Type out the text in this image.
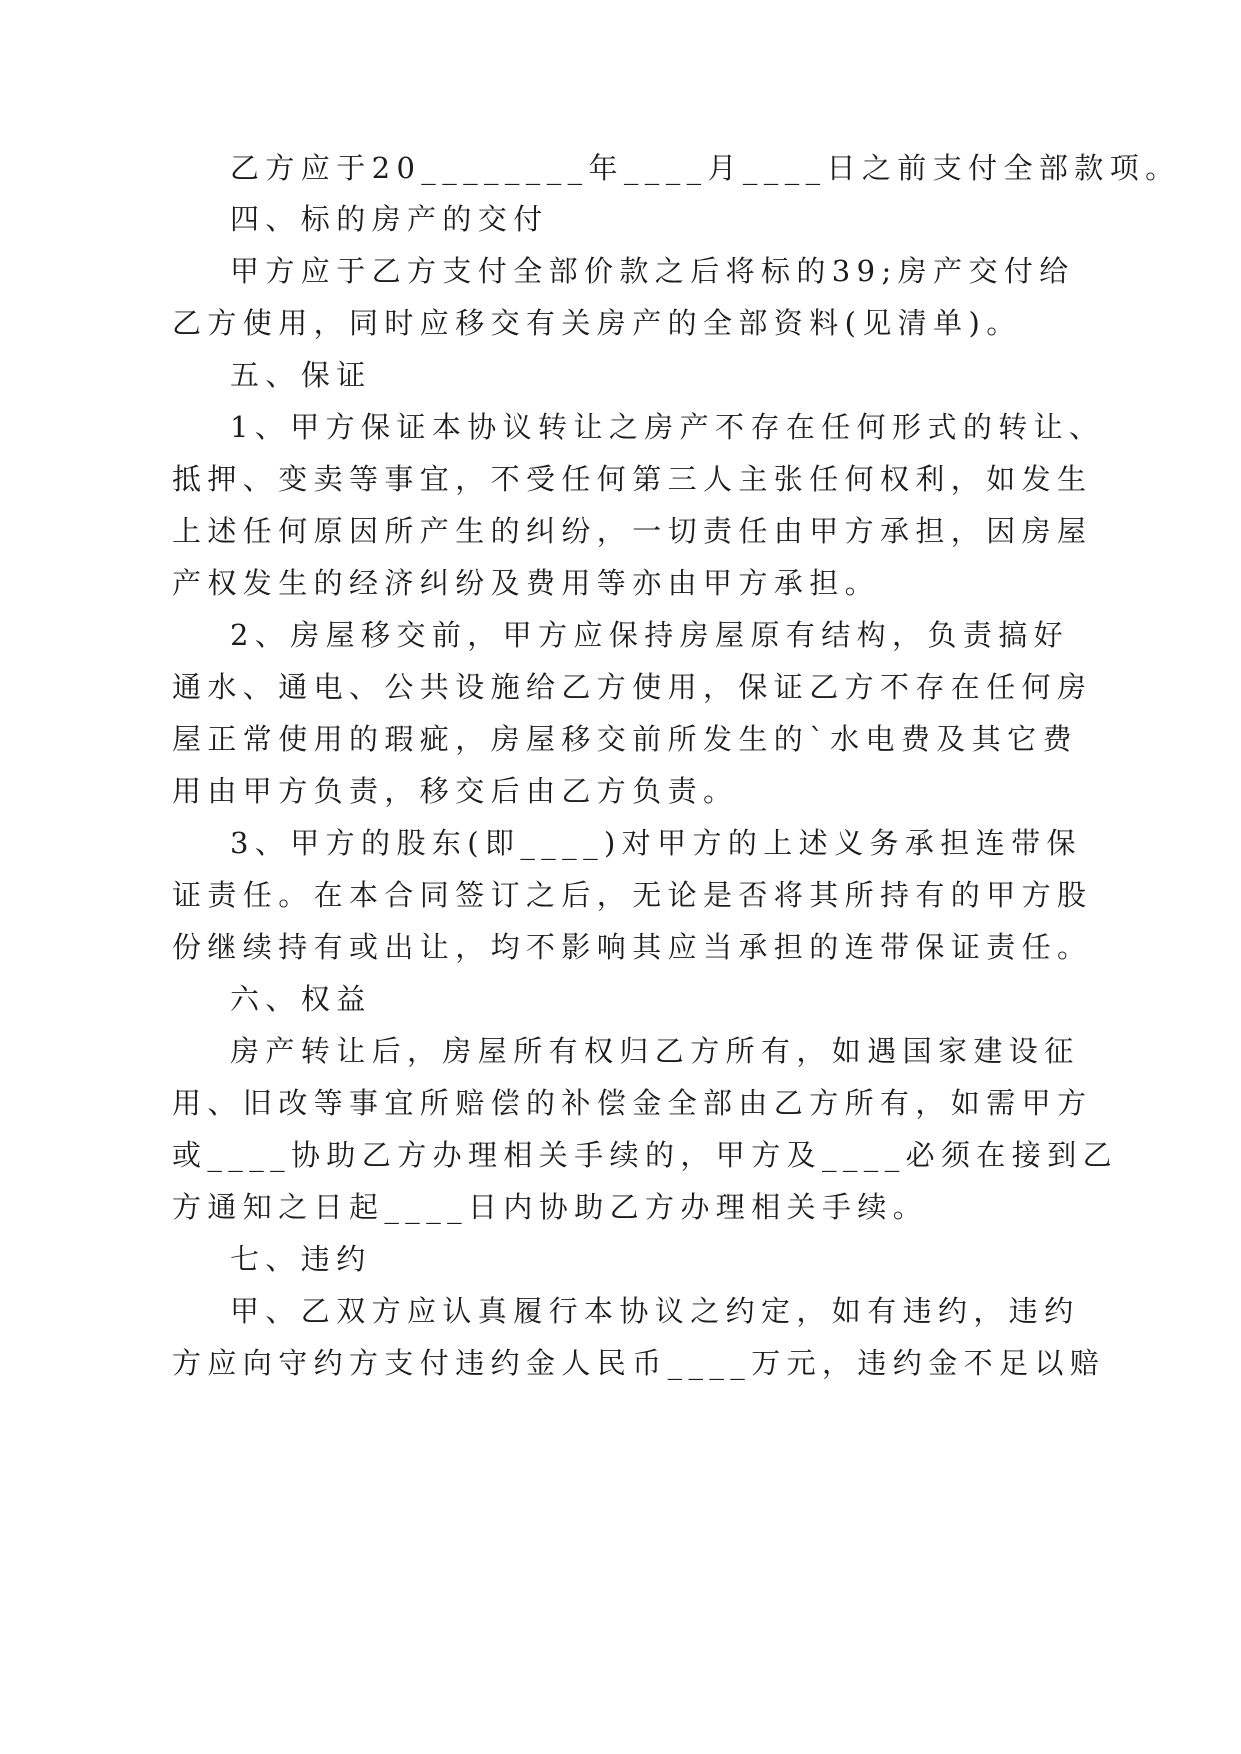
乙方应于20________年____月____日之前支付全部款项。
四、标的房产的交付
甲方应于乙方支付全部价款之后将标的39;房产交付给
乙方使用，同时应移交有关房产的全部资料(见清单)。
五、保证
1、甲方保证本协议转让之房产不存在任何形式的转让、
抵押、变卖等事宜，不受任何第三人主张任何权利，如发生
上述任何原因所产生的纠纷，一切责任由甲方承担，因房屋
产权发生的经济纠纷及费用等亦由甲方承担。
2、房屋移交前，甲方应保持房屋原有结构，负责搞好
通水、通电、公共设施给乙方使用，保证乙方不存在任何房
屋正常使用的瑕疵，房屋移交前所发生的`水电费及其它费
用由甲方负责，移交后由乙方负责。
3、甲方的股东(即____)对甲方的上述义务承担连带保
证责任。在本合同签订之后，无论是否将其所持有的甲方股
份继续持有或出让，均不影响其应当承担的连带保证责任。
六、权益
房产转让后，房屋所有权归乙方所有，如遇国家建设征
用、旧改等事宜所赔偿的补偿金全部由乙方所有，如需甲方
或____协助乙方办理相关手续的，甲方及____必须在接到乙
方通知之日起____日内协助乙方办理相关手续。
七、违约
甲、乙双方应认真履行本协议之约定，如有违约，违约
方应向守约方支付违约金人民币____万元，违约金不足以赔
